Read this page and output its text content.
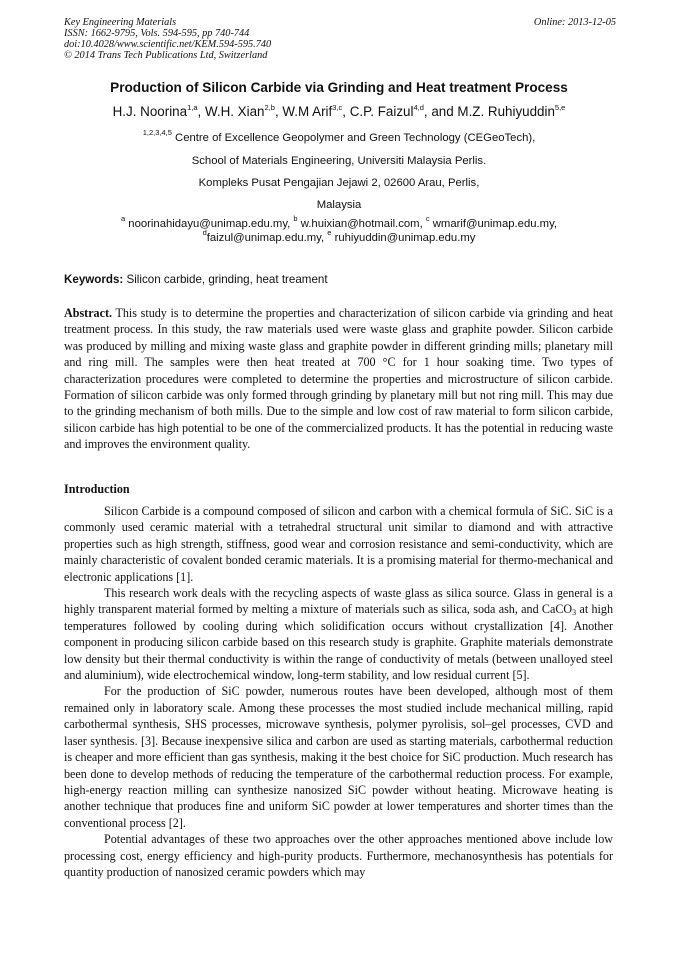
Key Engineering Materials
ISSN: 1662-9795, Vols. 594-595, pp 740-744
doi:10.4028/www.scientific.net/KEM.594-595.740
© 2014 Trans Tech Publications Ltd, Switzerland
Online: 2013-12-05
Production of Silicon Carbide via Grinding and Heat treatment Process
H.J. Noorina$^{1,a}$, W.H. Xian$^{2,b}$, W.M Arif$^{3,c}$, C.P. Faizul$^{4,d}$, and M.Z. Ruhiyuddin$^{5,e}$
$^{1,2,3,4,5}$ Centre of Excellence Geopolymer and Green Technology (CEGeoTech),
School of Materials Engineering, Universiti Malaysia Perlis.
Kompleks Pusat Pengajian Jejawi 2, 02600 Arau, Perlis,
Malaysia
$^a$ noorinahidayu@unimap.edu.my, $^b$ w.huixian@hotmail.com, $^c$ wmarif@unimap.edu.my,
$^d$faizul@unimap.edu.my, $^e$ ruhiyuddin@unimap.edu.my
Keywords: Silicon carbide, grinding, heat treament

Abstract. This study is to determine the properties and characterization of silicon carbide via grinding and heat treatment process. In this study, the raw materials used were waste glass and graphite powder. Silicon carbide was produced by milling and mixing waste glass and graphite powder in different grinding mills; planetary mill and ring mill. The samples were then heat treated at 700 °C for 1 hour soaking time. Two types of characterization procedures were completed to determine the properties and microstructure of silicon carbide. Formation of silicon carbide was only formed through grinding by planetary mill but not ring mill. This may due to the grinding mechanism of both mills. Due to the simple and low cost of raw material to form silicon carbide, silicon carbide has high potential to be one of the commercialized products. It has the potential in reducing waste and improves the environment quality.

Introduction

Silicon Carbide is a compound composed of silicon and carbon with a chemical formula of SiC. SiC is a commonly used ceramic material with a tetrahedral structural unit similar to diamond and with attractive properties such as high strength, stiffness, good wear and corrosion resistance and semi-conductivity, which are mainly characteristic of covalent bonded ceramic materials. It is a promising material for thermo-mechanical and electronic applications [1].

This research work deals with the recycling aspects of waste glass as silica source. Glass in general is a highly transparent material formed by melting a mixture of materials such as silica, soda ash, and CaCO$_3$ at high temperatures followed by cooling during which solidification occurs without crystallization [4]. Another component in producing silicon carbide based on this research study is graphite. Graphite materials demonstrate low density but their thermal conductivity is within the range of conductivity of metals (between unalloyed steel and aluminium), wide electrochemical window, long-term stability, and low residual current [5].

For the production of SiC powder, numerous routes have been developed, although most of them remained only in laboratory scale. Among these processes the most studied include mechanical milling, rapid carbothermal synthesis, SHS processes, microwave synthesis, polymer pyrolisis, sol–gel processes, CVD and laser synthesis. [3]. Because inexpensive silica and carbon are used as starting materials, carbothermal reduction is cheaper and more efficient than gas synthesis, making it the best choice for SiC production. Much research has been done to develop methods of reducing the temperature of the carbothermal reduction process. For example, high-energy reaction milling can synthesize nanosized SiC powder without heating. Microwave heating is another technique that produces fine and uniform SiC powder at lower temperatures and shorter times than the conventional process [2].

Potential advantages of these two approaches over the other approaches mentioned above include low processing cost, energy efficiency and high-purity products. Furthermore, mechanosynthesis has potentials for quantity production of nanosized ceramic powders which may
